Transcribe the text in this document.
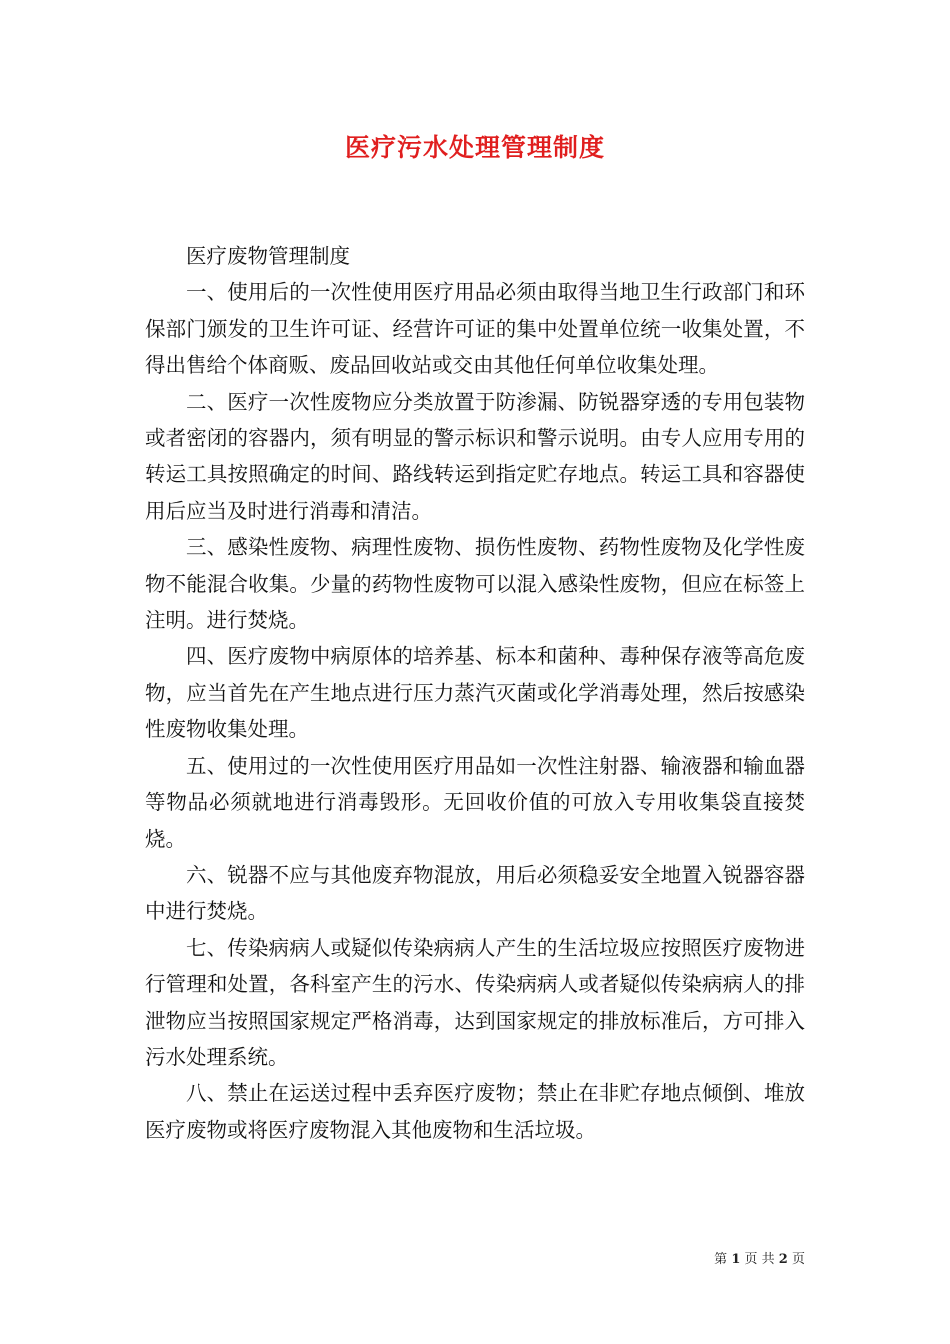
医疗污水处理管理制度

医疗废物管理制度

一、使用后的一次性使用医疗用品必须由取得当地卫生行政部门和环保部门颁发的卫生许可证、经营许可证的集中处置单位统一收集处置，不得出售给个体商贩、废品回收站或交由其他任何单位收集处理。

二、医疗一次性废物应分类放置于防渗漏、防锐器穿透的专用包装物或者密闭的容器内，须有明显的警示标识和警示说明。由专人应用专用的转运工具按照确定的时间、路线转运到指定贮存地点。转运工具和容器使用后应当及时进行消毒和清洁。

三、感染性废物、病理性废物、损伤性废物、药物性废物及化学性废物不能混合收集。少量的药物性废物可以混入感染性废物，但应在标签上注明。进行焚烧。

四、医疗废物中病原体的培养基、标本和菌种、毒种保存液等高危废物，应当首先在产生地点进行压力蒸汽灭菌或化学消毒处理，然后按感染性废物收集处理。

五、使用过的一次性使用医疗用品如一次性注射器、输液器和输血器等物品必须就地进行消毒毁形。无回收价值的可放入专用收集袋直接焚烧。

六、锐器不应与其他废弃物混放，用后必须稳妥安全地置入锐器容器中进行焚烧。

七、传染病病人或疑似传染病病人产生的生活垃圾应按照医疗废物进行管理和处置，各科室产生的污水、传染病病人或者疑似传染病病人的排泄物应当按照国家规定严格消毒，达到国家规定的排放标准后，方可排入污水处理系统。

八、禁止在运送过程中丢弃医疗废物；禁止在非贮存地点倾倒、堆放医疗废物或将医疗废物混入其他废物和生活垃圾。

第 1 页 共 2 页
